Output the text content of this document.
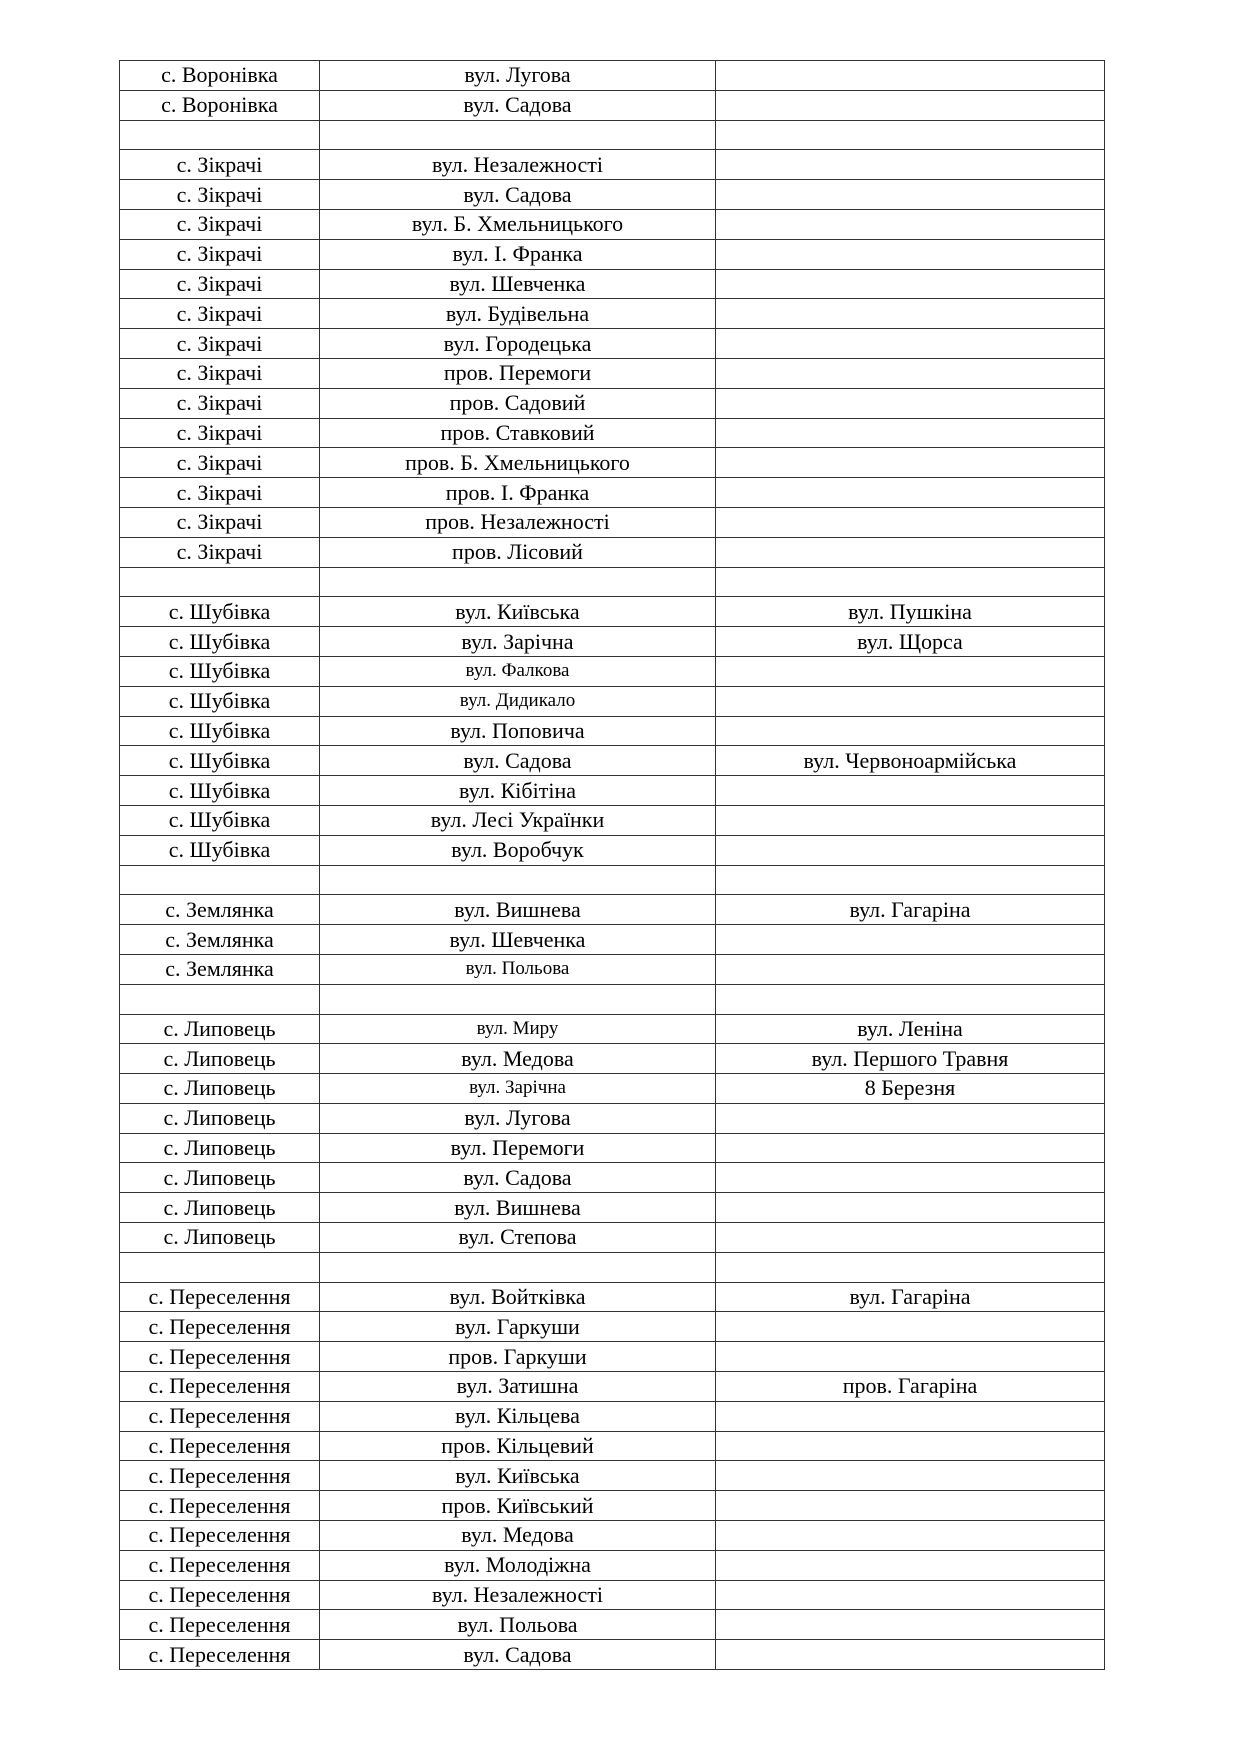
с. Воронівка	вул. Лугова	
с. Воронівка	вул. Садова	

с. Зікрачі	вул. Незалежності	
с. Зікрачі	вул. Садова	
с. Зікрачі	вул. Б. Хмельницького	
с. Зікрачі	вул. І. Франка	
с. Зікрачі	вул. Шевченка	
с. Зікрачі	вул. Будівельна	
с. Зікрачі	вул. Городецька	
с. Зікрачі	пров. Перемоги	
с. Зікрачі	пров. Садовий	
с. Зікрачі	пров. Ставковий	
с. Зікрачі	пров. Б. Хмельницького	
с. Зікрачі	пров. І. Франка	
с. Зікрачі	пров. Незалежності	
с. Зікрачі	пров. Лісовий	

с. Шубівка	вул. Київська	вул. Пушкіна
с. Шубівка	вул. Зарічна	вул. Щорса
с. Шубівка	вул. Фалкова	
с. Шубівка	вул. Дидикало	
с. Шубівка	вул. Поповича	
с. Шубівка	вул. Садова	вул. Червоноармійська
с. Шубівка	вул. Кібітіна	
с. Шубівка	вул. Лесі Українки	
с. Шубівка	вул. Воробчук	

с. Землянка	вул. Вишнева	вул. Гагаріна
с. Землянка	вул. Шевченка	
с. Землянка	вул. Польова	

с. Липовець	вул. Миру	вул. Леніна
с. Липовець	вул. Медова	вул. Першого Травня
с. Липовець	вул. Зарічна	8 Березня
с. Липовець	вул. Лугова	
с. Липовець	вул. Перемоги	
с. Липовець	вул. Садова	
с. Липовець	вул. Вишнева	
с. Липовець	вул. Степова	

с. Переселення	вул. Войтківка	вул. Гагаріна
с. Переселення	вул. Гаркуши	
с. Переселення	пров. Гаркуши	
с. Переселення	вул. Затишна	пров. Гагаріна
с. Переселення	вул. Кільцева	
с. Переселення	пров. Кільцевий	
с. Переселення	вул. Київська	
с. Переселення	пров. Київський	
с. Переселення	вул. Медова	
с. Переселення	вул. Молодіжна	
с. Переселення	вул. Незалежності	
с. Переселення	вул. Польова	
с. Переселення	вул. Садова	
